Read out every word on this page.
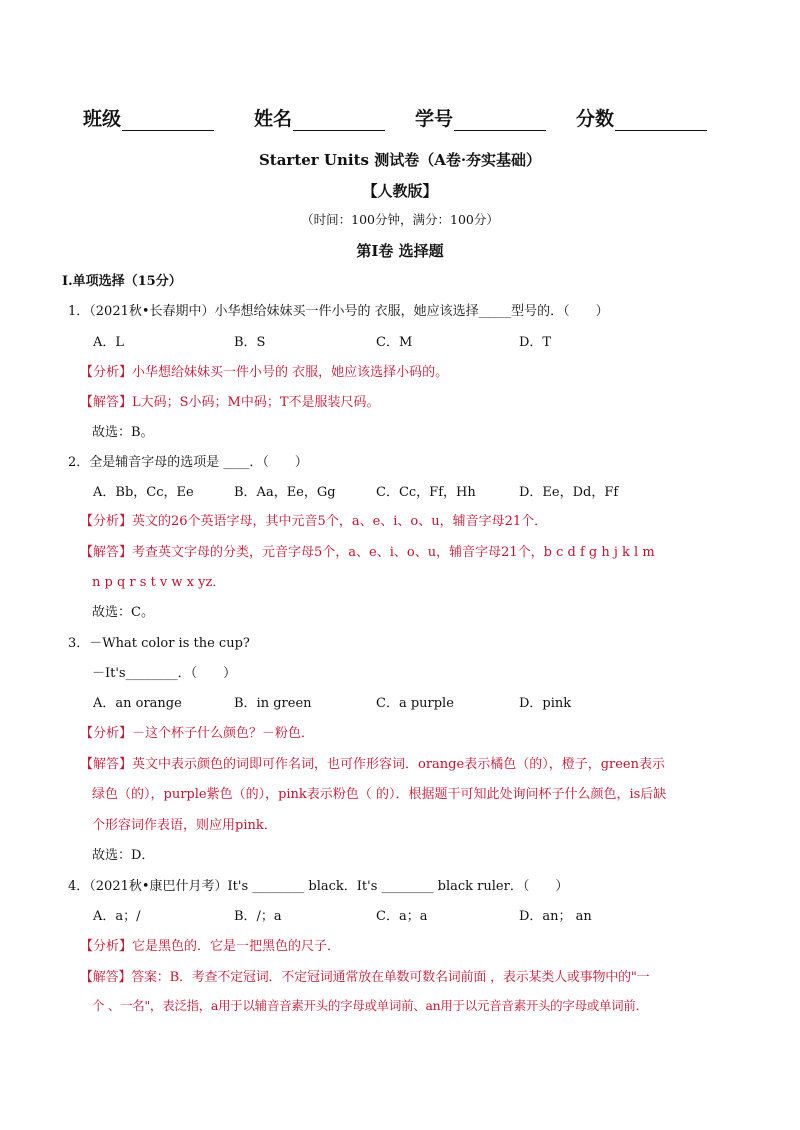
班级	姓名	学号	分数
Starter Units 测试卷（A卷·夯实基础）
【人教版】
（时间：100分钟，满分：100分）
第Ⅰ卷 选择题
Ⅰ.单项选择（15分）
1．（2021秋•长春期中）小华想给妹妹买一件小号的 衣服，她应该选择_____型号的．（　　）
A．L	B．S	C．M	D．T
【分析】小华想给妹妹买一件小号的 衣服，她应该选择小码的。
【解答】L大码；S小码；M中码；T不是服装尺码。
故选：B。
2．全是辅音字母的选项是 ____．（　　）
A．Bb，Cc，Ee	B．Aa，Ee，Gg	C．Cc，Ff，Hh	D．Ee，Dd，Ff
【分析】英文的26个英语字母，其中元音5个，a、e、i、o、u，辅音字母21个．
【解答】考查英文字母的分类，元音字母5个，a、e、i、o、u，辅音字母21个，b c d f g h j k l m
n p q r s t v w x yz．
故选：C。
3．－What color is the cup?
－It's________．（　　）
A．an orange	B．in green	C．a purple	D．pink
【分析】－这个杯子什么颜色？－粉色．
【解答】英文中表示颜色的词即可作名词，也可作形容词．orange表示橘色（的），橙子，green表示
绿色（的），purple紫色（的），pink表示粉色（ 的）．根据题干可知此处询问杯子什么颜色，is后缺
个形容词作表语，则应用pink．
故选：D．
4．（2021秋•康巴什月考）It's ________ black．It's ________ black ruler．（　　）
A．a；/	B．/；a	C．a；a	D．an； an
【分析】它是黑色的．它是一把黑色的尺子．
【解答】答案：B．考查不定冠词．不定冠词通常放在单数可数名词前面 ，表示某类人或事物中的"一
个 、一名"，表泛指，a用于以辅音音素开头的字母或单词前、an用于以元音音素开头的字母或单词前．
